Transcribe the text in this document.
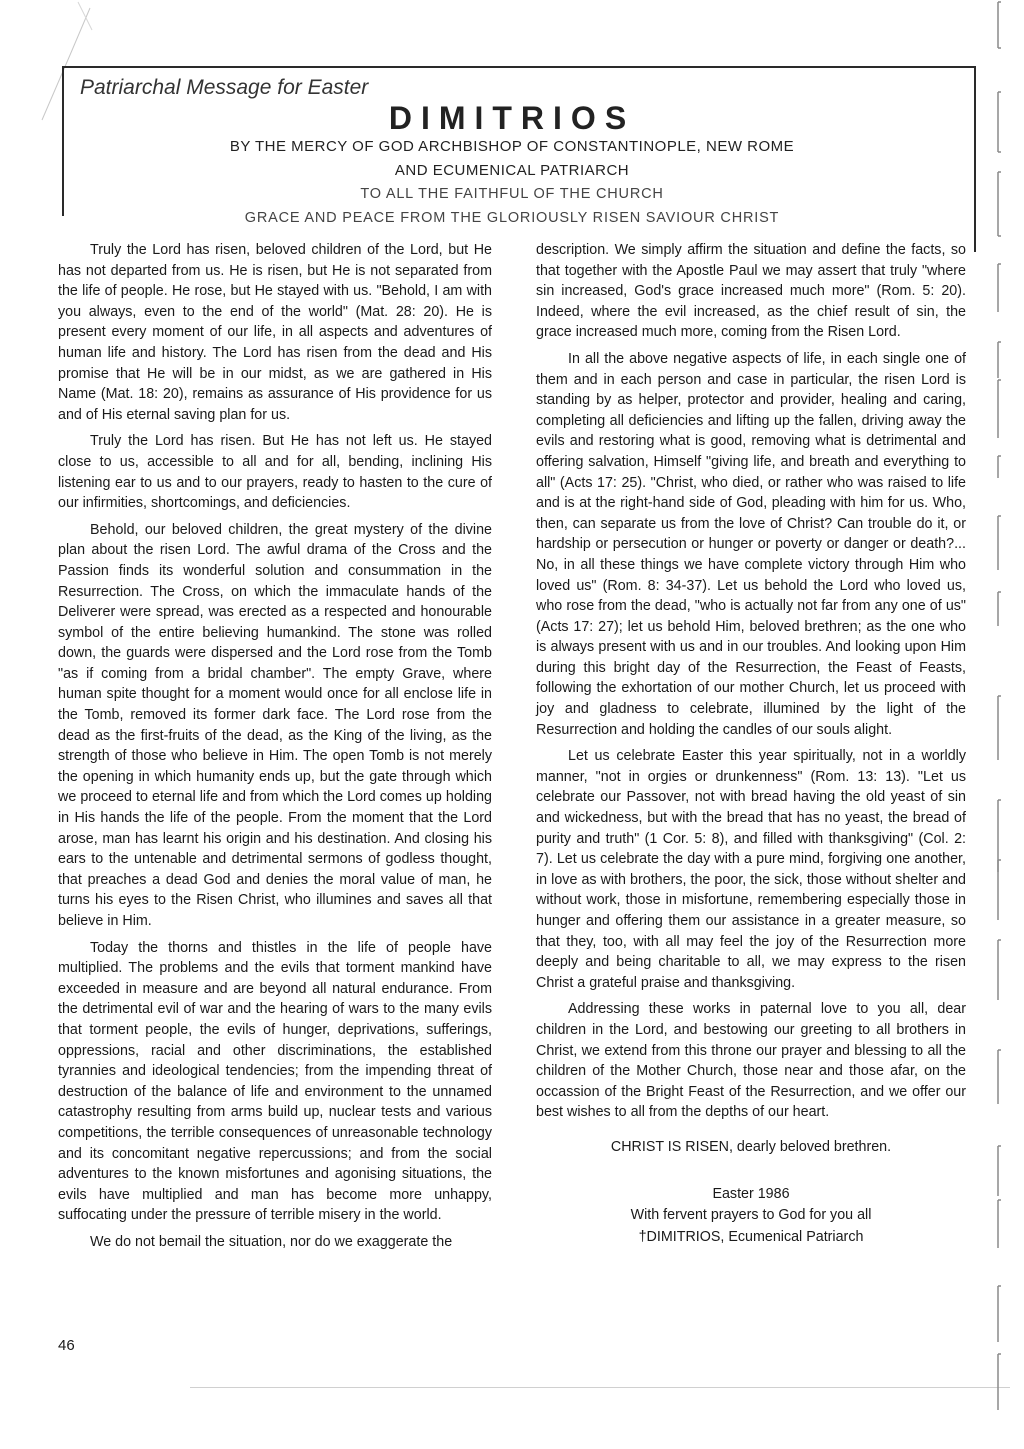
Patriarchal Message for Easter
DIMITRIOS
BY THE MERCY OF GOD ARCHBISHOP OF CONSTANTINOPLE, NEW ROME
AND ECUMENICAL PATRIARCH
TO ALL THE FAITHFUL OF THE CHURCH
GRACE AND PEACE FROM THE GLORIOUSLY RISEN SAVIOUR CHRIST

Truly the Lord has risen, beloved children of the Lord, but He has not departed from us. He is risen, but He is not separated from the life of people. He rose, but He stayed with us. "Behold, I am with you always, even to the end of the world" (Mat. 28: 20). He is present every moment of our life, in all aspects and adventures of human life and history. The Lord has risen from the dead and His promise that He will be in our midst, as we are gathered in His Name (Mat. 18: 20), remains as assurance of His providence for us and of His eternal saving plan for us.

Truly the Lord has risen. But He has not left us. He stayed close to us, accessible to all and for all, bending, inclining His listening ear to us and to our prayers, ready to hasten to the cure of our infirmities, shortcomings, and deficiencies.

Behold, our beloved children, the great mystery of the divine plan about the risen Lord. The awful drama of the Cross and the Passion finds its wonderful solution and consummation in the Resurrection. The Cross, on which the immaculate hands of the Deliverer were spread, was erected as a respected and honourable symbol of the entire believing humankind. The stone was rolled down, the guards were dispersed and the Lord rose from the Tomb "as if coming from a bridal chamber". The empty Grave, where human spite thought for a moment would once for all enclose life in the Tomb, removed its former dark face. The Lord rose from the dead as the first-fruits of the dead, as the King of the living, as the strength of those who believe in Him. The open Tomb is not merely the opening in which humanity ends up, but the gate through which we proceed to eternal life and from which the Lord comes up holding in His hands the life of the people. From the moment that the Lord arose, man has learnt his origin and his destination. And closing his ears to the untenable and detrimental sermons of godless thought, that preaches a dead God and denies the moral value of man, he turns his eyes to the Risen Christ, who illumines and saves all that believe in Him.

Today the thorns and thistles in the life of people have multiplied. The problems and the evils that torment mankind have exceeded in measure and are beyond all natural endurance. From the detrimental evil of war and the hearing of wars to the many evils that torment people, the evils of hunger, deprivations, sufferings, oppressions, racial and other discriminations, the established tyrannies and ideological tendencies; from the impending threat of destruction of the balance of life and environment to the unnamed catastrophy resulting from arms build up, nuclear tests and various competitions, the terrible consequences of unreasonable technology and its concomitant negative repercussions; and from the social adventures to the known misfortunes and agonising situations, the evils have multiplied and man has become more unhappy, suffocating under the pressure of terrible misery in the world.

We do not bemail the situation, nor do we exaggerate the

description. We simply affirm the situation and define the facts, so that together with the Apostle Paul we may assert that truly "where sin increased, God's grace increased much more" (Rom. 5: 20). Indeed, where the evil increased, as the chief result of sin, the grace increased much more, coming from the Risen Lord.

In all the above negative aspects of life, in each single one of them and in each person and case in particular, the risen Lord is standing by as helper, protector and provider, healing and caring, completing all deficiencies and lifting up the fallen, driving away the evils and restoring what is good, removing what is detrimental and offering salvation, Himself "giving life, and breath and everything to all" (Acts 17: 25). "Christ, who died, or rather who was raised to life and is at the right-hand side of God, pleading with him for us. Who, then, can separate us from the love of Christ? Can trouble do it, or hardship or persecution or hunger or poverty or danger or death?... No, in all these things we have complete victory through Him who loved us" (Rom. 8: 34-37). Let us behold the Lord who loved us, who rose from the dead, "who is actually not far from any one of us" (Acts 17: 27); let us behold Him, beloved brethren; as the one who is always present with us and in our troubles. And looking upon Him during this bright day of the Resurrection, the Feast of Feasts, following the exhortation of our mother Church, let us proceed with joy and gladness to celebrate, illumined by the light of the Resurrection and holding the candles of our souls alight.

Let us celebrate Easter this year spiritually, not in a worldly manner, "not in orgies or drunkenness" (Rom. 13: 13). "Let us celebrate our Passover, not with bread having the old yeast of sin and wickedness, but with the bread that has no yeast, the bread of purity and truth" (1 Cor. 5: 8), and filled with thanksgiving" (Col. 2: 7). Let us celebrate the day with a pure mind, forgiving one another, in love as with brothers, the poor, the sick, those without shelter and without work, those in misfortune, remembering especially those in hunger and offering them our assistance in a greater measure, so that they, too, with all may feel the joy of the Resurrection more deeply and being charitable to all, we may express to the risen Christ a grateful praise and thanksgiving.

Addressing these works in paternal love to you all, dear children in the Lord, and bestowing our greeting to all brothers in Christ, we extend from this throne our prayer and blessing to all the children of the Mother Church, those near and those afar, on the occassion of the Bright Feast of the Resurrection, and we offer our best wishes to all from the depths of our heart.

CHRIST IS RISEN, dearly beloved brethren.

Easter 1986
With fervent prayers to God for you all
†DIMITRIOS, Ecumenical Patriarch
46
